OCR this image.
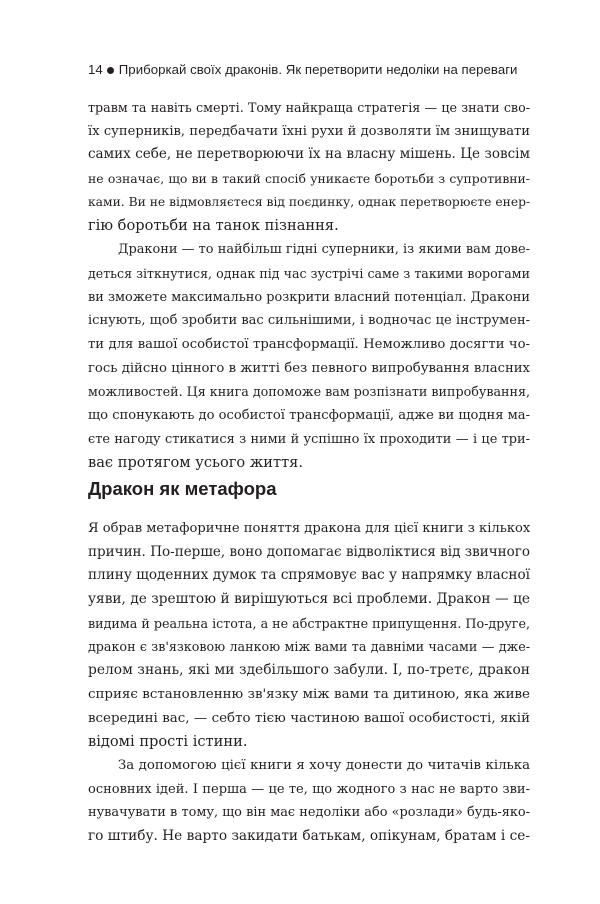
14 Приборкай своїх драконів. Як перетворити недоліки на переваги

травм та навіть смерті. Тому найкраща стратегія — це знати сво-
їх суперників, передбачати їхні рухи й дозволяти їм знищувати
самих себе, не перетворюючи їх на власну мішень. Це зовсім
не означає, що ви в такий спосіб уникаєте боротьби з супротивни-
ками. Ви не відмовляєтеся від поєдинку, однак перетворюєте енер-
гію боротьби на танок пізнання.

Дракони — то найбільш гідні суперники, із якими вам дове-
деться зіткнутися, однак під час зустрічі саме з такими ворогами
ви зможете максимально розкрити власний потенціал. Дракони
існують, щоб зробити вас сильнішими, і водночас це інструмен-
ти для вашої особистої трансформації. Неможливо досягти чо-
гось дійсно цінного в житті без певного випробування власних
можливостей. Ця книга допоможе вам розпізнати випробування,
що спонукають до особистої трансформації, адже ви щодня ма-
єте нагоду стикатися з ними й успішно їх проходити — і це три-
ває протягом усього життя.

Дракон як метафора

Я обрав метафоричне поняття дракона для цієї книги з кількох
причин. По-перше, воно допомагає відволіктися від звичного
плину щоденних думок та спрямовує вас у напрямку власної
уяви, де зрештою й вирішуються всі проблеми. Дракон — це
видима й реальна істота, а не абстрактне припущення. По-друге,
дракон є зв'язковою ланкою між вами та давніми часами — дже-
релом знань, які ми здебільшого забули. І, по-третє, дракон
сприяє встановленню зв'язку між вами та дитиною, яка живе
всередині вас, — себто тією частиною вашої особистості, якій
відомі прості істини.

За допомогою цієї книги я хочу донести до читачів кілька
основних ідей. І перша — це те, що жодного з нас не варто зви-
нувачувати в тому, що він має недоліки або «розлади» будь-яко-
го штибу. Не варто закидати батькам, опікунам, братам і се-
